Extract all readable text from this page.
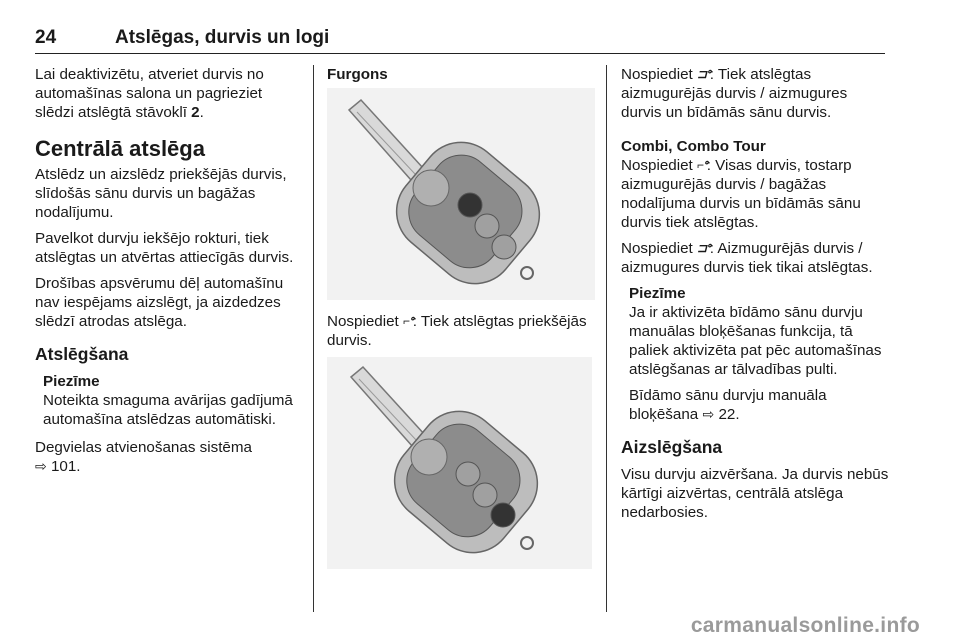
24	Atslēgas, durvis un logi

Lai deaktivizētu, atveriet durvis no automašīnas salona un pagrieziet slēdzi atslēgtā stāvoklī 2.

Centrālā atslēga

Atslēdz un aizslēdz priekšējās durvis, slīdošās sānu durvis un bagāžas nodalījumu.

Pavelkot durvju iekšējo rokturi, tiek atslēgtas un atvērtas attiecīgās durvis.

Drošības apsvērumu dēļ automašīnu nav iespējams aizslēgt, ja aizdedzes slēdzī atrodas atslēga.

Atslēgšana
Piezīme
Noteikta smaguma avārijas gadījumā automašīna atslēdzas automātiski.

Degvielas atvienošanas sistēma
⇨ 101.

Furgons

Nospiediet ⌐ᐤ: Tiek atslēgtas priekšējās durvis.

Nospiediet ⊐ᐤ: Tiek atslēgtas aizmugurējās durvis / aizmugures durvis un bīdāmās sānu durvis.

Combi, Combo Tour

Nospiediet ⌐ᐤ: Visas durvis, tostarp aizmugurējās durvis / bagāžas nodalījuma durvis un bīdāmās sānu durvis tiek atslēgtas.

Nospiediet ⊐ᐤ: Aizmugurējās durvis / aizmugures durvis tiek tikai atslēgtas.

Piezīme

Ja ir aktivizēta bīdāmo sānu durvju manuālas bloķēšanas funkcija, tā paliek aktivizēta pat pēc automašīnas atslēgšanas ar tālvadības pulti.

Bīdāmo sānu durvju manuāla bloķēšana ⇨ 22.

Aizslēgšana

Visu durvju aizvēršana. Ja durvis nebūs kārtīgi aizvērtas, centrālā atslēga nedarbosies.

carmanualsonline.info
